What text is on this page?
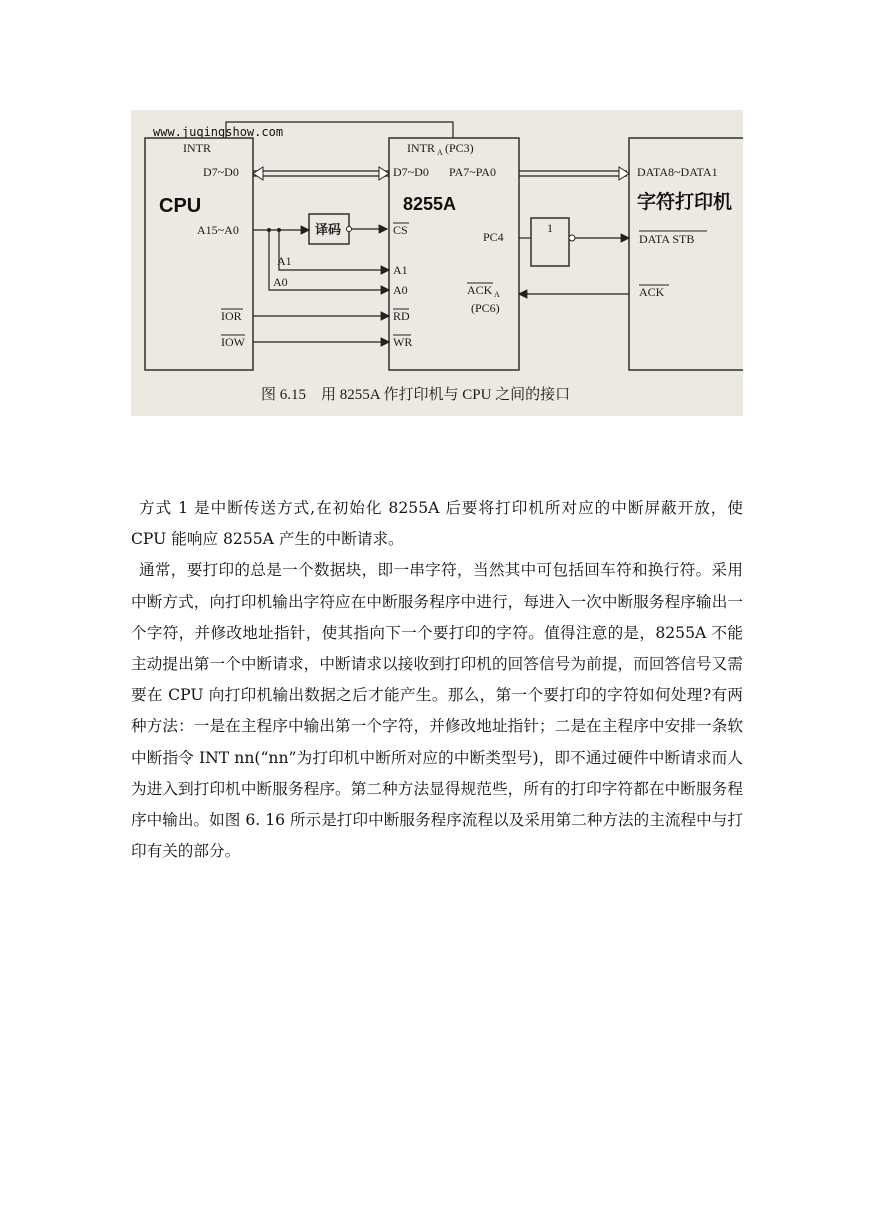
www.juqingshow.com
CPU
INTR
D7~D0
A15~A0
IOR
IOW
译码
A1
A0
INTR A (PC3)
D7~D0 PA7~PA0
8255A
CS
A1
A0
RD
WR
PC4
ACK A
(PC6)
1
DATA8~DATA1
字符打印机
DATA STB
ACK
图 6.15　用 8255A 作打印机与 CPU 之间的接口

方式 1 是中断传送方式,在初始化 8255A 后要将打印机所对应的中断屏蔽开放，使 CPU 能响应 8255A 产生的中断请求。

通常，要打印的总是一个数据块，即一串字符，当然其中可包括回车符和换行符。采用中断方式，向打印机输出字符应在中断服务程序中进行，每进入一次中断服务程序输出一个字符，并修改地址指针，使其指向下一个要打印的字符。值得注意的是，8255A 不能主动提出第一个中断请求，中断请求以接收到打印机的回答信号为前提，而回答信号又需要在 CPU 向打印机输出数据之后才能产生。那么，第一个要打印的字符如何处理?有两种方法：一是在主程序中输出第一个字符，并修改地址指针；二是在主程序中安排一条软中断指令 INT nn(“nn”为打印机中断所对应的中断类型号)，即不通过硬件中断请求而人为进入到打印机中断服务程序。第二种方法显得规范些，所有的打印字符都在中断服务程序中输出。如图 6. 16 所示是打印中断服务程序流程以及采用第二种方法的主流程中与打印有关的部分。
